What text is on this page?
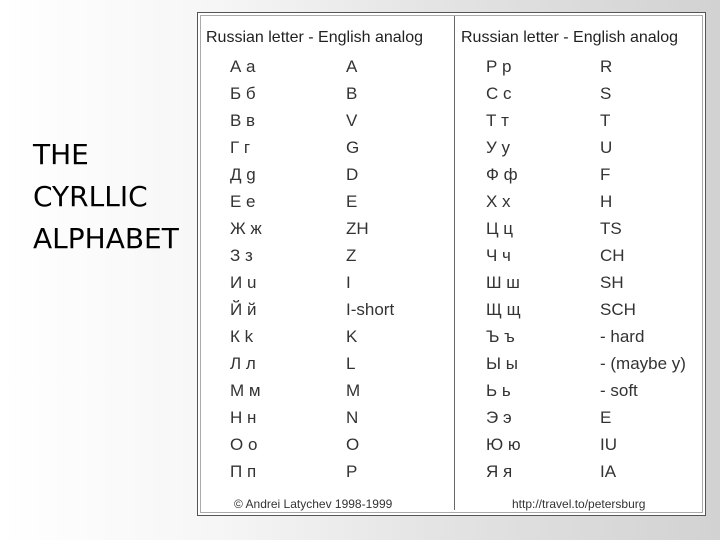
THE
CYRLLIC
ALPHABET
Russian letter - English analog Russian letter - English analog
© Andrei Latychev 1998-1999	http://travel.to/petersburg
А а	A
Б б	B
В в	V
Г г	G
Д g	D
Е е	E
Ж ж	ZH
З з	Z
И u	I
Й й	I-short
К k	K
Л л	L
М м	M
Н н	N
О о	O
П п	P
Р р	R
С с	S
Т т	T
У у	U
Ф ф	F
Х х	H
Ц ц	TS
Ч ч	CH
Ш ш	SH
Щ щ	SCH
Ъ ъ	- hard
Ы ы	- (maybe y)
Ь ь	- soft
Э э	E
Ю ю	IU
Я я	IA
